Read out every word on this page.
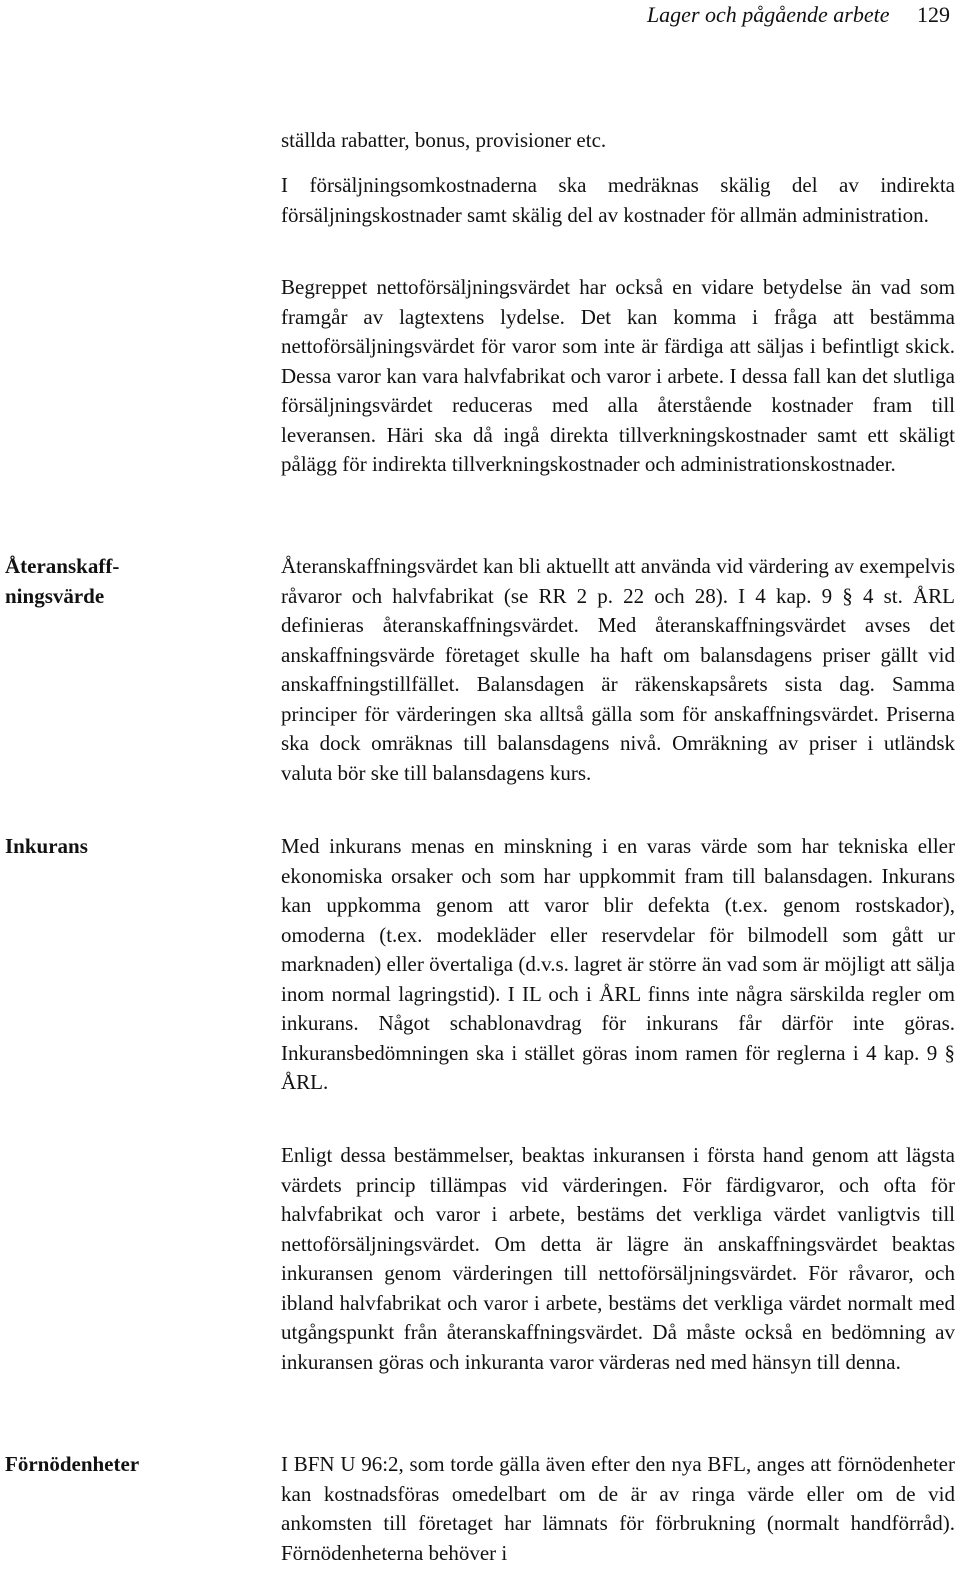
Lager och pågående arbete 129
Återanskaff-
ningsvärde
Inkurans
Förnödenheter

ställda rabatter, bonus, provisioner etc.

I försäljningsomkostnaderna ska medräknas skälig del av indirekta försäljningskostnader samt skälig del av kostnader för allmän administration.

Begreppet nettoförsäljningsvärdet har också en vidare betydelse än vad som framgår av lagtextens lydelse. Det kan komma i fråga att bestämma nettoförsäljningsvärdet för varor som inte är färdiga att säljas i befintligt skick. Dessa varor kan vara halvfabrikat och varor i arbete. I dessa fall kan det slutliga försäljningsvärdet reduceras med alla återstående kostnader fram till leveransen. Häri ska då ingå direkta tillverkningskostnader samt ett skäligt pålägg för indirekta tillverkningskostnader och administrationskostnader.

Återanskaffningsvärdet kan bli aktuellt att använda vid värdering av exempelvis råvaror och halvfabrikat (se RR 2 p. 22 och 28). I 4 kap. 9 § 4 st. ÅRL definieras återanskaffningsvärdet. Med återanskaffningsvärdet avses det anskaffningsvärde företaget skulle ha haft om balansdagens priser gällt vid anskaffningstillfället. Balansdagen är räkenskapsårets sista dag. Samma principer för värderingen ska alltså gälla som för anskaffningsvärdet. Priserna ska dock omräknas till balansdagens nivå. Omräkning av priser i utländsk valuta bör ske till balansdagens kurs.

Med inkurans menas en minskning i en varas värde som har tekniska eller ekonomiska orsaker och som har uppkommit fram till balansdagen. Inkurans kan uppkomma genom att varor blir defekta (t.ex. genom rostskador), omoderna (t.ex. modekläder eller reservdelar för bilmodell som gått ur marknaden) eller övertaliga (d.v.s. lagret är större än vad som är möjligt att sälja inom normal lagringstid). I IL och i ÅRL finns inte några särskilda regler om inkurans. Något schablonavdrag för inkurans får därför inte göras. Inkuransbedömningen ska i stället göras inom ramen för reglerna i 4 kap. 9 § ÅRL.

Enligt dessa bestämmelser, beaktas inkuransen i första hand genom att lägsta värdets princip tillämpas vid värderingen. För färdigvaror, och ofta för halvfabrikat och varor i arbete, bestäms det verkliga värdet vanligtvis till nettoförsäljningsvärdet. Om detta är lägre än anskaffningsvärdet beaktas inkuransen genom värderingen till nettoförsäljningsvärdet. För råvaror, och ibland halvfabrikat och varor i arbete, bestäms det verkliga värdet normalt med utgångspunkt från återanskaffningsvärdet. Då måste också en bedömning av inkuransen göras och inkuranta varor värderas ned med hänsyn till denna.

I BFN U 96:2, som torde gälla även efter den nya BFL, anges att förnödenheter kan kostnadsföras omedelbart om de är av ringa värde eller om de vid ankomsten till företaget har lämnats för förbrukning (normalt handförråd). Förnödenheterna behöver i
